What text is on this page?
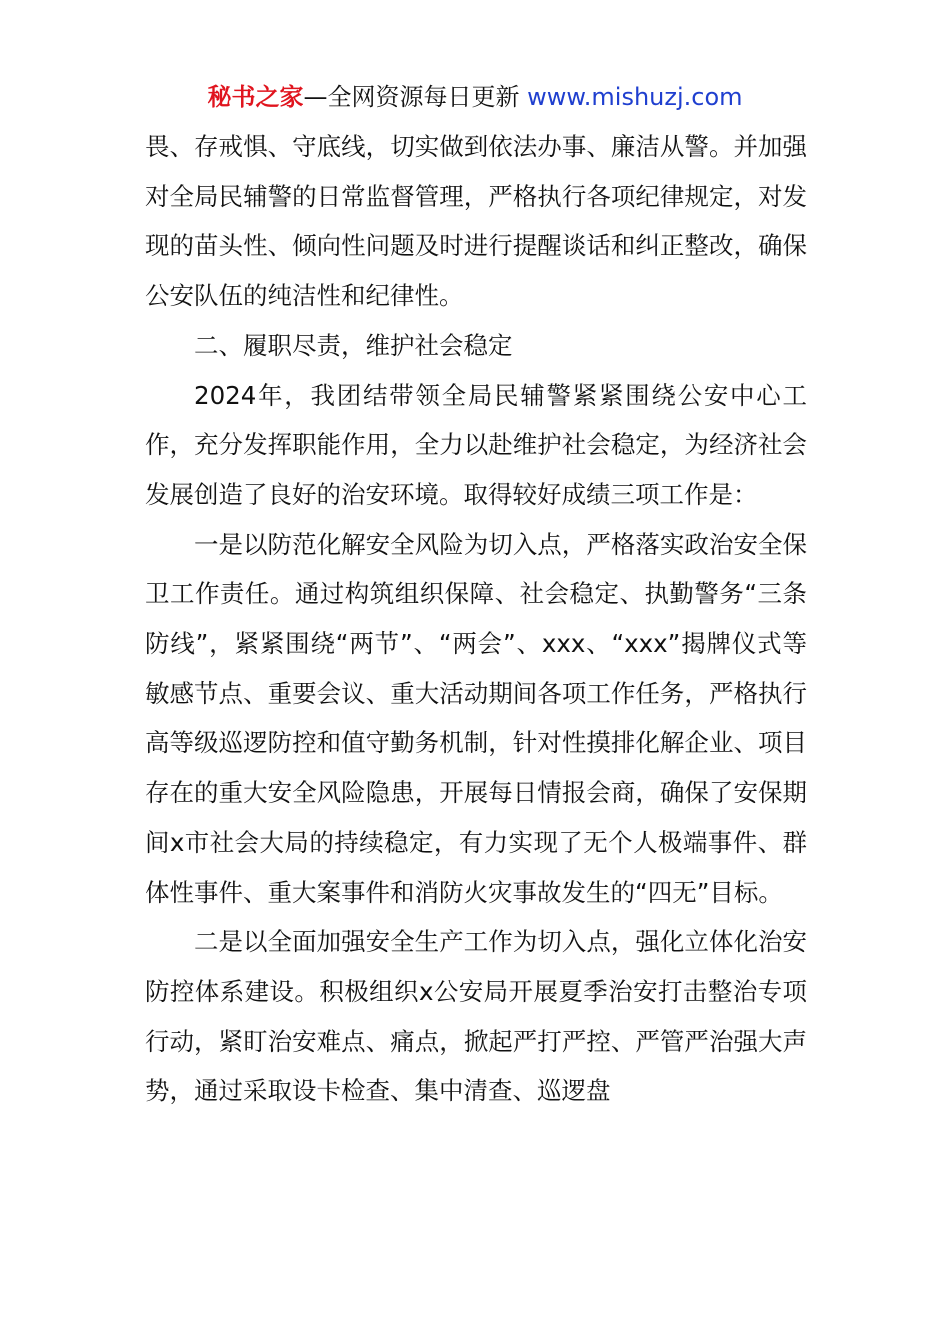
秘书之家—全网资源每日更新 www.mishuzj.com

畏、存戒惧、守底线，切实做到依法办事、廉洁从警。并加强对全局民辅警的日常监督管理，严格执行各项纪律规定，对发现的苗头性、倾向性问题及时进行提醒谈话和纠正整改，确保公安队伍的纯洁性和纪律性。

二、履职尽责，维护社会稳定

2024年，我团结带领全局民辅警紧紧围绕公安中心工作，充分发挥职能作用，全力以赴维护社会稳定，为经济社会发展创造了良好的治安环境。取得较好成绩三项工作是：

一是以防范化解安全风险为切入点，严格落实政治安全保卫工作责任。通过构筑组织保障、社会稳定、执勤警务“三条防线”，紧紧围绕“两节”、“两会”、xxx、“xxx”揭牌仪式等敏感节点、重要会议、重大活动期间各项工作任务，严格执行高等级巡逻防控和值守勤务机制，针对性摸排化解企业、项目存在的重大安全风险隐患，开展每日情报会商，确保了安保期间x市社会大局的持续稳定，有力实现了无个人极端事件、群体性事件、重大案事件和消防火灾事故发生的“四无”目标。

二是以全面加强安全生产工作为切入点，强化立体化治安防控体系建设。积极组织x公安局开展夏季治安打击整治专项行动，紧盯治安难点、痛点，掀起严打严控、严管严治强大声势，通过采取设卡检查、集中清查、巡逻盘
